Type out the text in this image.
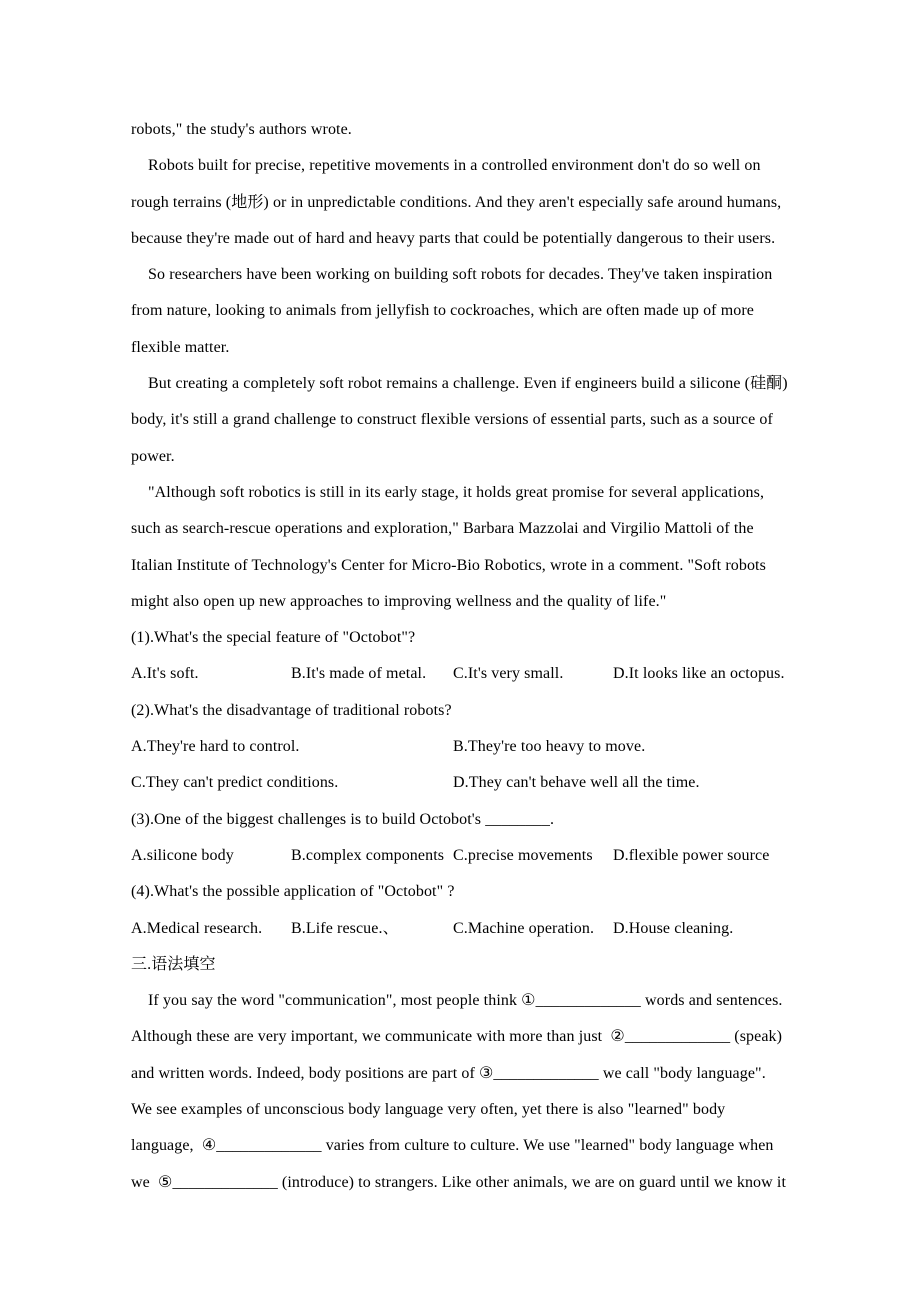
robots," the study's authors wrote.
Robots built for precise, repetitive movements in a controlled environment don't do so well on
rough terrains (地形) or in unpredictable conditions. And they aren't especially safe around humans,
because they're made out of hard and heavy parts that could be potentially dangerous to their users.
So researchers have been working on building soft robots for decades. They've taken inspiration
from nature, looking to animals from jellyfish to cockroaches, which are often made up of more
flexible matter.
But creating a completely soft robot remains a challenge. Even if engineers build a silicone (硅酮)
body, it's still a grand challenge to construct flexible versions of essential parts, such as a source of
power.
"Although soft robotics is still in its early stage, it holds great promise for several applications,
such as search-rescue operations and exploration," Barbara Mazzolai and Virgilio Mattoli of the
Italian Institute of Technology's Center for Micro-Bio Robotics, wrote in a comment. "Soft robots
might also open up new approaches to improving wellness and the quality of life."
(1).What's the special feature of "Octobot"?

A.It's soft.

	B.It's made of metal.

C.It's very small.

	D.It looks like an octopus.

(2).What's the disadvantage of traditional robots?

A.They're hard to control.

	B.They're too heavy to move.

C.They can't predict conditions.

	D.They can't behave well all the time.

(3).One of the biggest challenges is to build Octobot's ________.

A.silicone body

	B.complex components

C.precise movements

D.flexible power source

(4).What's the possible application of "Octobot" ?

A.Medical research.

B.Life rescue.、

	C.Machine operation.

D.House cleaning.

三.语法填空
If you say the word "communication", most people think ①_____________ words and sentences.
Although these are very important, we communicate with more than just  ②_____________ (speak)
and written words. Indeed, body positions are part of ③_____________ we call "body language".
We see examples of unconscious body language very often, yet there is also "learned" body
language,  ④_____________ varies from culture to culture. We use "learned" body language when
we  ⑤_____________ (introduce) to strangers. Like other animals, we are on guard until we know it
